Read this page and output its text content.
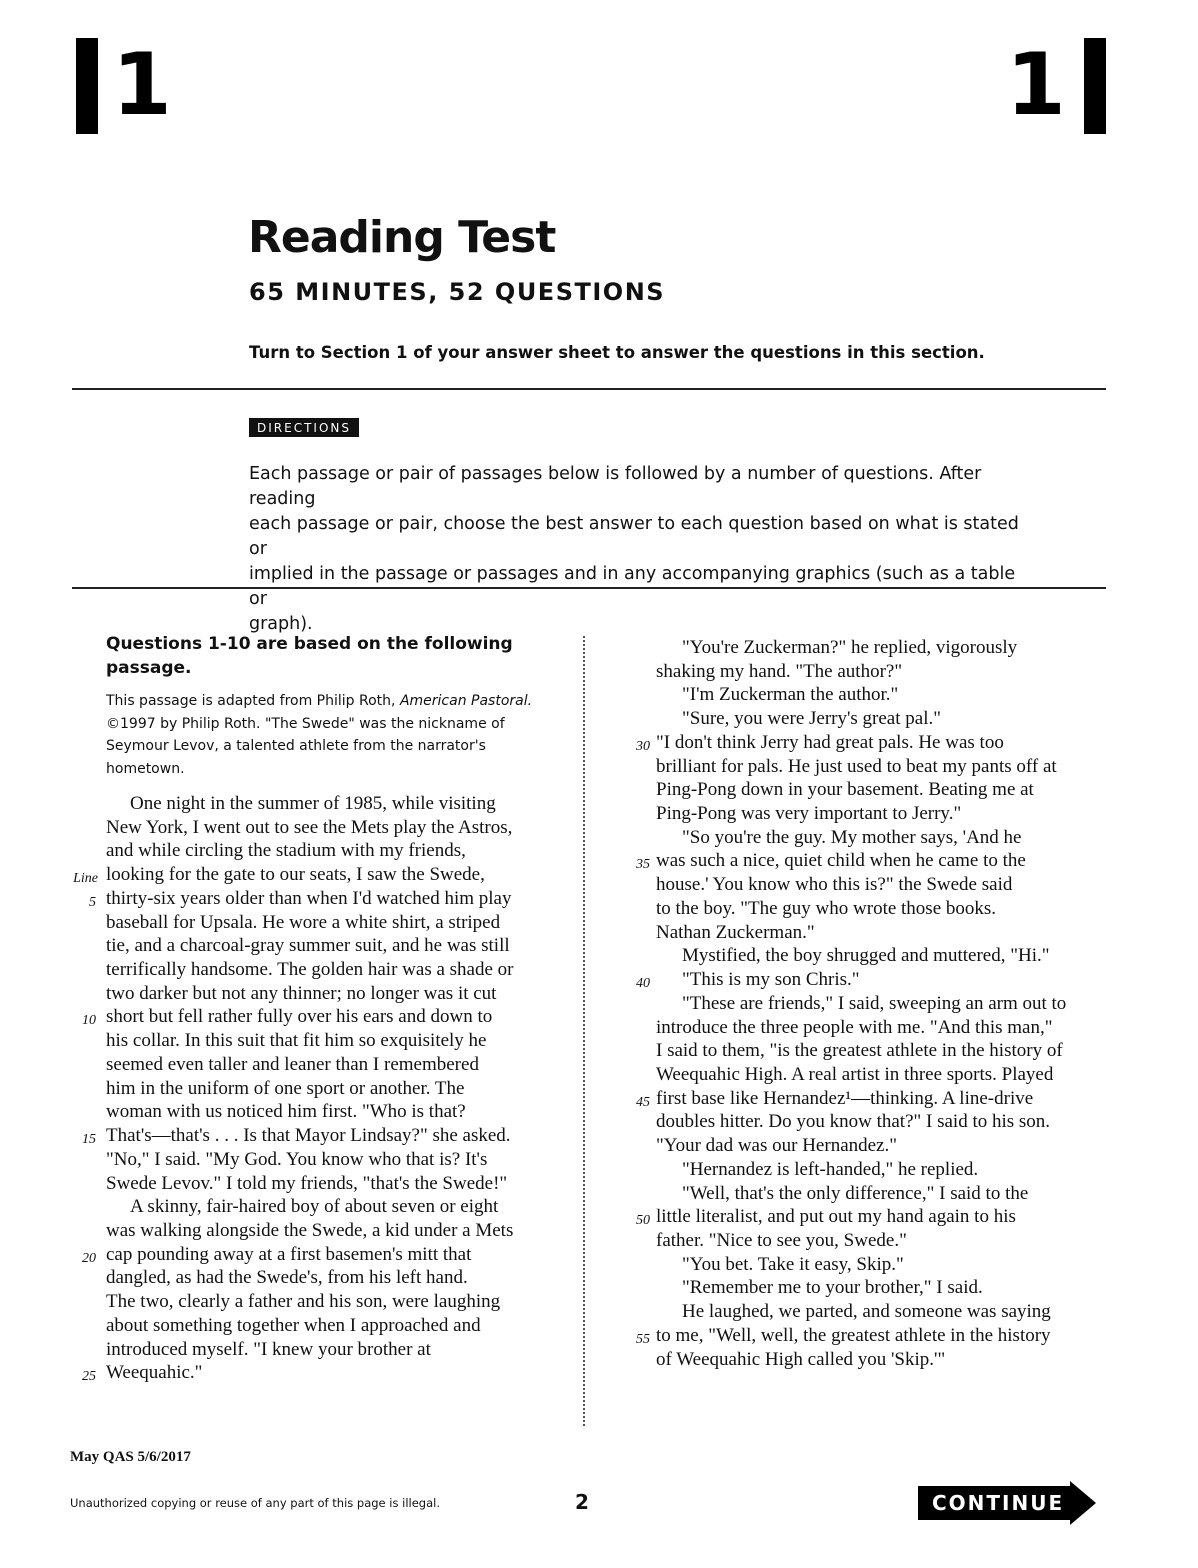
1	1
Reading Test
65 MINUTES, 52 QUESTIONS
Turn to Section 1 of your answer sheet to answer the questions in this section.
DIRECTIONS
Each passage or pair of passages below is followed by a number of questions. After reading
each passage or pair, choose the best answer to each question based on what is stated or
implied in the passage or passages and in any accompanying graphics (such as a table or
graph).
Questions 1-10 are based on the following
passage.
This passage is adapted from Philip Roth, American Pastoral.
©1997 by Philip Roth. "The Swede" was the nickname of
Seymour Levov, a talented athlete from the narrator's
hometown.
One night in the summer of 1985, while visiting
New York, I went out to see the Mets play the Astros,
and while circling the stadium with my friends,
looking for the gate to our seats, I saw the Swede,
thirty-six years older than when I'd watched him play
baseball for Upsala. He wore a white shirt, a striped
tie, and a charcoal-gray summer suit, and he was still
terrifically handsome. The golden hair was a shade or
two darker but not any thinner; no longer was it cut
short but fell rather fully over his ears and down to
his collar. In this suit that fit him so exquisitely he
seemed even taller and leaner than I remembered
him in the uniform of one sport or another. The
woman with us noticed him first. "Who is that?
That's—that's . . . Is that Mayor Lindsay?" she asked.
"No," I said. "My God. You know who that is? It's
Swede Levov." I told my friends, "that's the Swede!"
A skinny, fair-haired boy of about seven or eight
was walking alongside the Swede, a kid under a Mets
cap pounding away at a first basemen's mitt that
dangled, as had the Swede's, from his left hand.
The two, clearly a father and his son, were laughing
about something together when I approached and
introduced myself. "I knew your brother at
Weequahic."
Line
5
10
15
20
25
"You're Zuckerman?" he replied, vigorously
shaking my hand. "The author?"
"I'm Zuckerman the author."
"Sure, you were Jerry's great pal."
"I don't think Jerry had great pals. He was too
brilliant for pals. He just used to beat my pants off at
Ping-Pong down in your basement. Beating me at
Ping-Pong was very important to Jerry."
"So you're the guy. My mother says, 'And he
was such a nice, quiet child when he came to the
house.' You know who this is?" the Swede said
to the boy. "The guy who wrote those books.
Nathan Zuckerman."
Mystified, the boy shrugged and muttered, "Hi."
"This is my son Chris."
"These are friends," I said, sweeping an arm out to
introduce the three people with me. "And this man,"
I said to them, "is the greatest athlete in the history of
Weequahic High. A real artist in three sports. Played
first base like Hernandez¹—thinking. A line-drive
doubles hitter. Do you know that?" I said to his son.
"Your dad was our Hernandez."
"Hernandez is left-handed," he replied.
"Well, that's the only difference," I said to the
little literalist, and put out my hand again to his
father. "Nice to see you, Swede."
"You bet. Take it easy, Skip."
"Remember me to your brother," I said.
He laughed, we parted, and someone was saying
to me, "Well, well, the greatest athlete in the history
of Weequahic High called you 'Skip.'"
30
35
40
45
50
55
May QAS 5/6/2017
Unauthorized copying or reuse of any part of this page is illegal.	2	CONTINUE
